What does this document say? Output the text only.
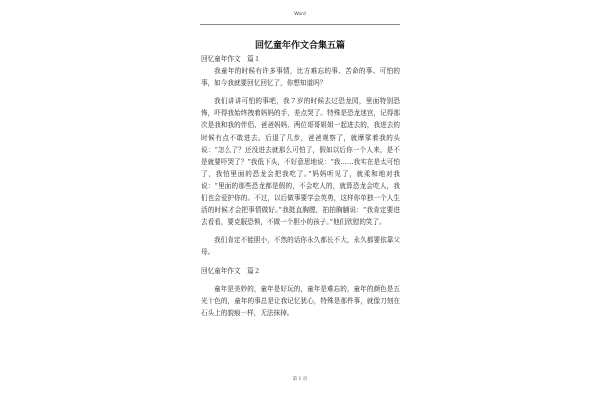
Word
回忆童年作文合集五篇

回忆童年作文　篇１

我童年的时候有许多事情，比方难忘的事、苦命的事、可怕的事，如今我就要回忆回忆了，你想知道吗？

我们讲讲可怕的事吧，我７岁的时候去过恐龙园，里面特别恐怖，吓得我始终拽着妈妈的手，差点哭了。特殊是恐龙迷宫，记得那次是我和我的伴侣、爸爸妈妈、两位哥哥姐姐一起进去的，我进去的时候有点不敢进去。后退了几步，爸爸观察了，就摩挲着我的头说：“怎么了？还没进去就那么可怕了，假如以后你一个人来，是不是就要吓哭了？”我低下头，不好意思地说：“我……我实在是太可怕了，我怕里面的恐龙会把我吃了。”妈妈听见了，就柔和地对我说：“里面的那些恐龙都是假的，不会吃人的，就算恐龙会吃人，我们也会爱护你的。不过，以后做事要学会英勇，这样你单独一个人生活的时候才会把事情做好。”我挺直胸膛，拍拍胸脯说：“我肯定要进去看看，要克服恐惧，不做一个胆小的孩子。”他们欣慰的笑了。

我们肯定不能胆小，不然的话你永久都长不大，永久都要依靠父母。

回忆童年作文　篇２

童年是美妙的，童年是好玩的，童年是难忘的，童年的颜色是五光十色的，童年的事总是让我记忆犹心，特殊是那件事，就像刀刻在石头上的貌痕一样，无法抹掉。

第 1 页
